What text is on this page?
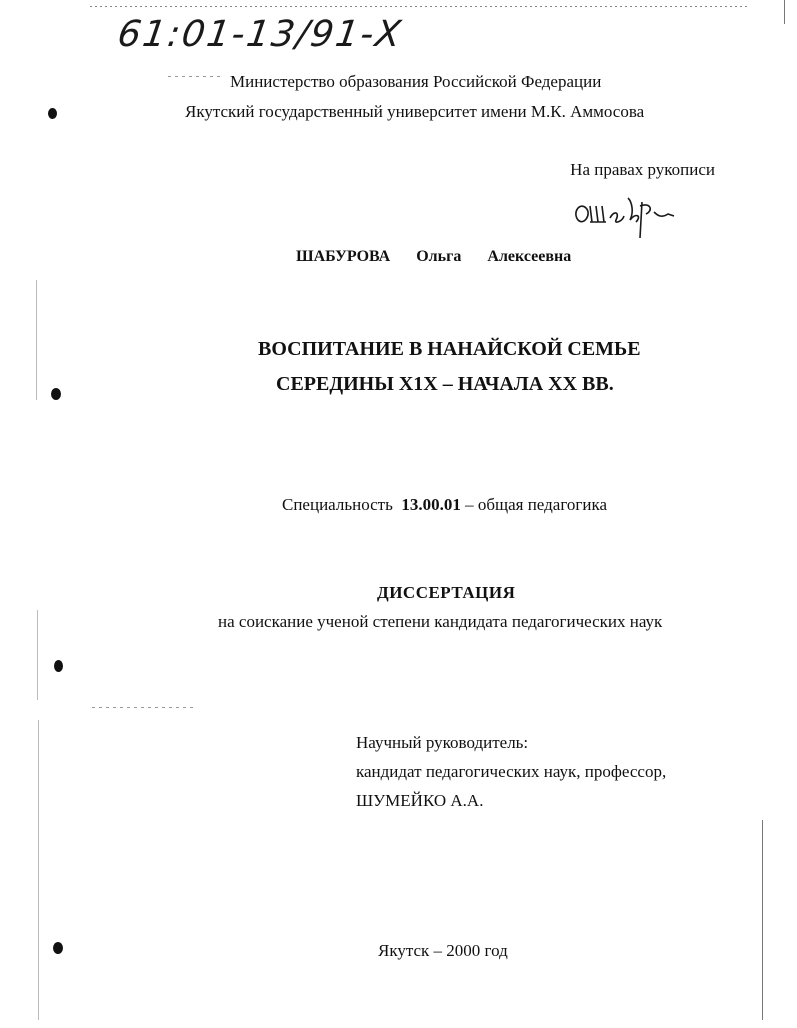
61:01-13/91-Х
Министерство образования Российской Федерации
Якутский государственный университет имени М.К. Аммосова
На правах рукописи
ШАБУРОВА Ольга Алексеевна
ВОСПИТАНИЕ В НАНАЙСКОЙ СЕМЬЕ
СЕРЕДИНЫ Х1Х – НАЧАЛА ХХ ВВ.
Специальность 13.00.01 – общая педагогика
ДИССЕРТАЦИЯ
на соискание ученой степени кандидата педагогических наук
Научный руководитель:
кандидат педагогических наук, профессор,
ШУМЕЙКО А.А.
Якутск – 2000 год
